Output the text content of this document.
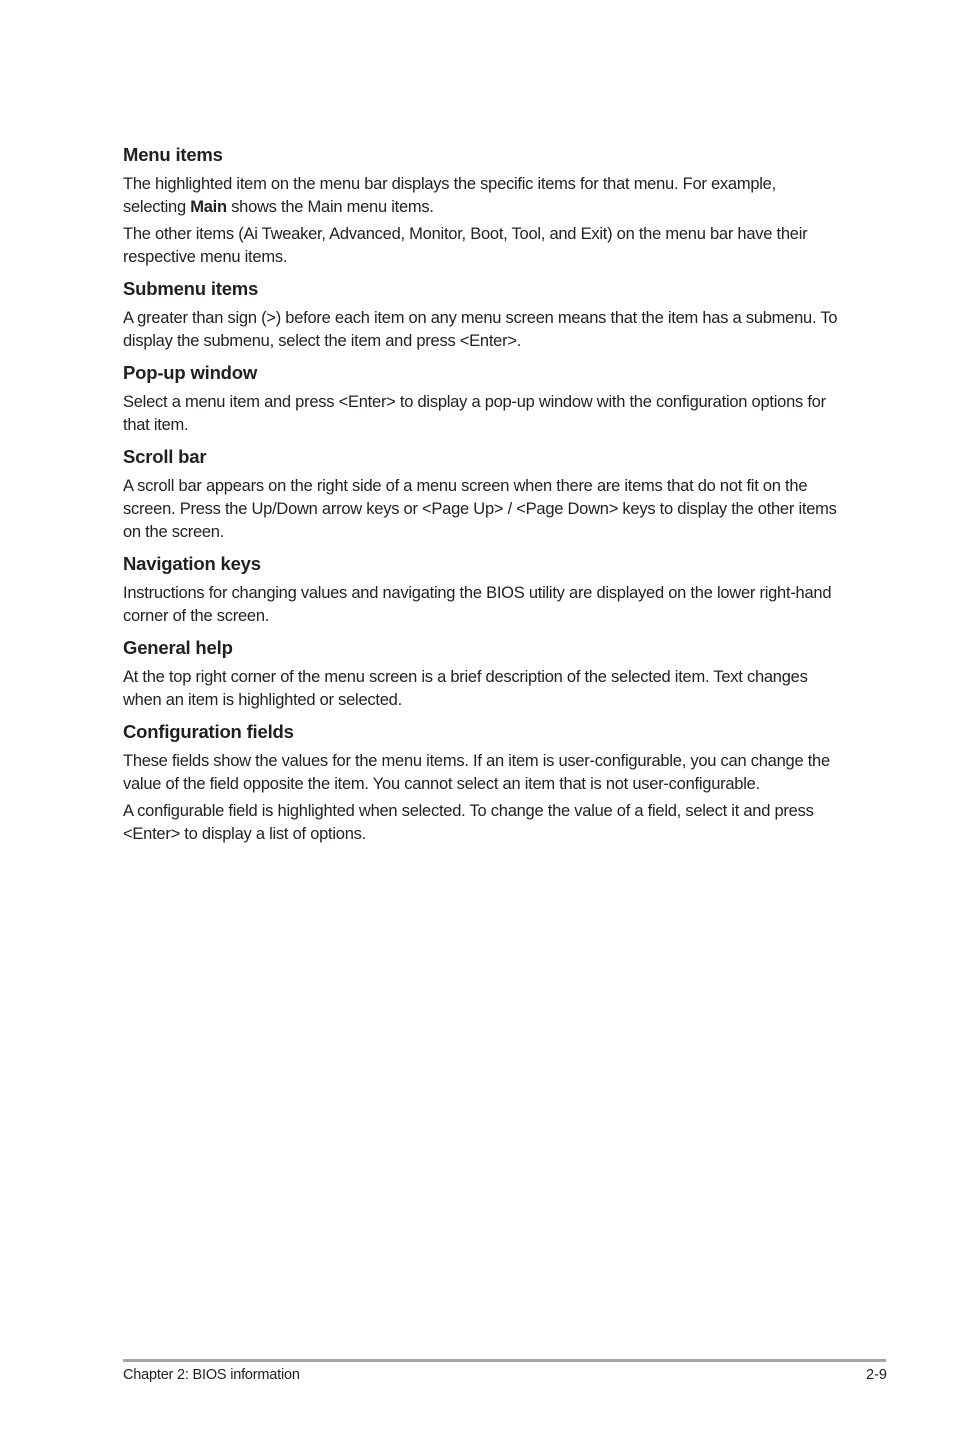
Menu items

The highlighted item on the menu bar displays the specific items for that menu. For example, selecting Main shows the Main menu items.

The other items (Ai Tweaker, Advanced, Monitor, Boot, Tool, and Exit) on the menu bar have their respective menu items.

Submenu items

A greater than sign (>) before each item on any menu screen means that the item has a submenu. To display the submenu, select the item and press <Enter>.

Pop-up window

Select a menu item and press <Enter> to display a pop-up window with the configuration options for that item.

Scroll bar

A scroll bar appears on the right side of a menu screen when there are items that do not fit on the screen. Press the Up/Down arrow keys or <Page Up> / <Page Down> keys to display the other items on the screen.

Navigation keys

Instructions for changing values and navigating the BIOS utility are displayed on the lower right-hand corner of the screen.

General help

At the top right corner of the menu screen is a brief description of the selected item. Text changes when an item is highlighted or selected.

Configuration fields

These fields show the values for the menu items. If an item is user-configurable, you can change the value of the field opposite the item. You cannot select an item that is not user-configurable.

A configurable field is highlighted when selected. To change the value of a field, select it and press <Enter> to display a list of options.

Chapter 2: BIOS information	2-9
